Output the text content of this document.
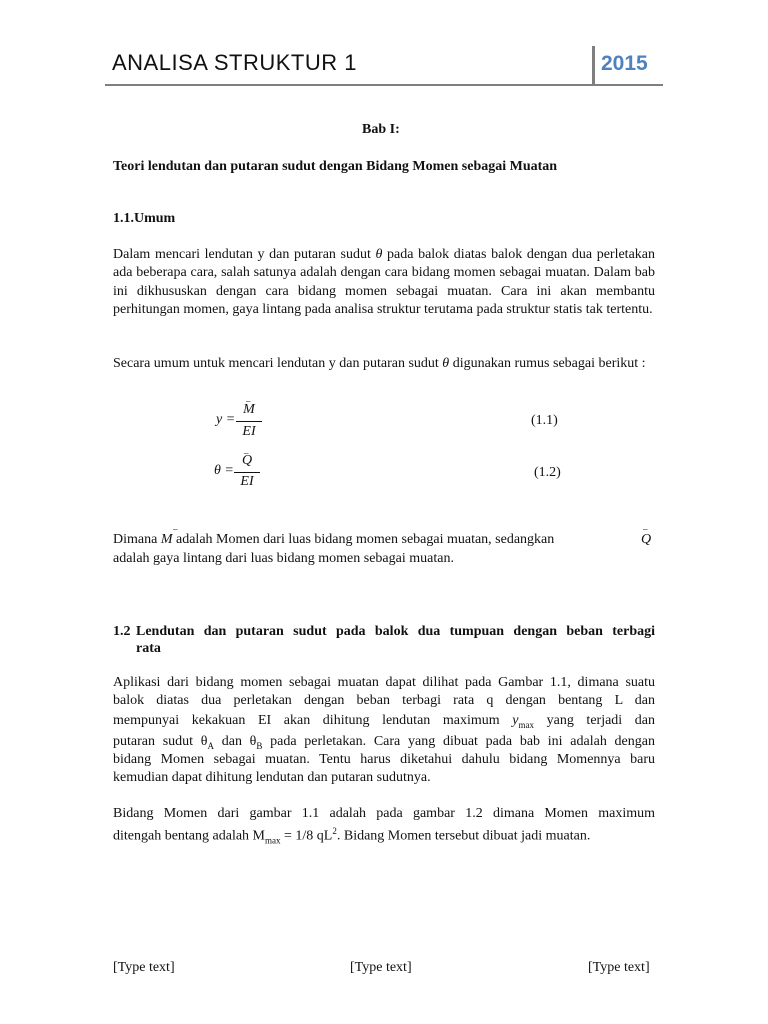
ANALISA STRUKTUR 1	2015
Bab I:
Teori lendutan dan putaran sudut dengan Bidang Momen sebagai Muatan
1.1.Umum
Dalam mencari lendutan y dan putaran sudut θ pada balok diatas balok dengan dua perletakan ada beberapa cara, salah satunya adalah dengan cara bidang momen sebagai muatan. Dalam bab ini dikhususkan dengan cara bidang momen sebagai muatan. Cara ini akan membantu perhitungan momen, gaya lintang pada analisa struktur terutama pada struktur statis tak tertentu.
Secara umum untuk mencari lendutan y dan putaran sudut θ digunakan rumus sebagai berikut :
y =
_
M
EI
(1.1)
θ =
_
Q
EI
(1.2)
_	_
Dimana M adalah Momen dari luas bidang momen sebagai muatan, sedangkan	Q
adalah gaya lintang dari luas bidang momen sebagai muatan.
1.2 Lendutan dan putaran sudut pada balok dua tumpuan dengan beban terbagi
rata
Aplikasi dari bidang momen sebagai muatan dapat dilihat pada Gambar 1.1, dimana suatu
balok diatas dua perletakan dengan beban terbagi rata q dengan bentang L dan
mempunyai kekakuan EI akan dihitung lendutan maximum $y_{max}$ yang terjadi dan
putaran sudut $\theta_A$ dan $\theta_B$ pada perletakan. Cara yang dibuat pada bab ini adalah dengan
bidang Momen sebagai muatan. Tentu harus diketahui dahulu bidang Momennya baru
kemudian dapat dihitung lendutan dan putaran sudutnya.
Bidang Momen dari gambar 1.1 adalah pada gambar 1.2 dimana Momen maximum
ditengah bentang adalah $M_{max} = 1/8$ $qL^2$. Bidang Momen tersebut dibuat jadi muatan.
[Type text]	[Type text]	[Type text]
